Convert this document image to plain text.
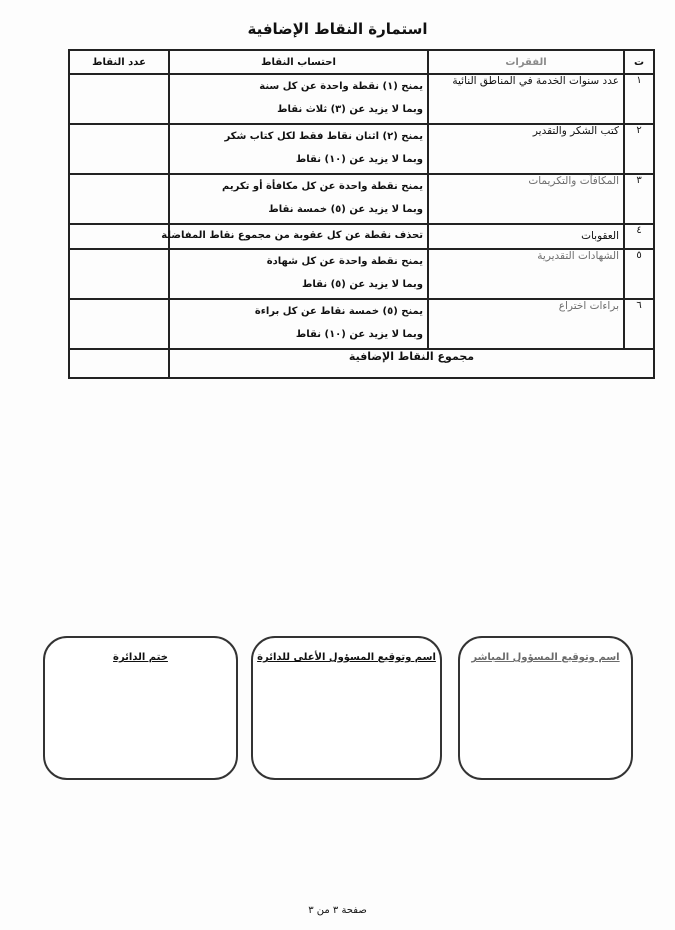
استمارة النقاط الإضافية
ت	الفقرات	احتساب النقاط	عدد النقاط
١	عدد سنوات الخدمة في المناطق النائية	يمنح (١) نقطة واحدة عن كل سنة
وبما لا يزيد عن (٣) ثلاث نقاط	

٢	كتب الشكر والتقدير	يمنح (٢) اثنان نقاط فقط لكل كتاب شكر
وبما لا يزيد عن (١٠) نقاط	

٣	المكافآت والتكريمات	يمنح نقطة واحدة عن كل مكافأة أو تكريم
وبما لا يزيد عن (٥) خمسة نقاط	

٤	العقوبات	تحذف نقطة عن كل عقوبة من مجموع نقاط المفاضلة	

٥	الشهادات التقديرية	يمنح نقطة واحدة عن كل شهادة
وبما لا يزيد عن (٥) نقاط	

٦	براءات اختراع	يمنح (٥) خمسة نقاط عن كل براءة
وبما لا يزيد عن (١٠) نقاط	

مجموع النقاط الإضافية			
اسم وتوقيع المسؤول المباشر
اسم وتوقيع المسؤول الأعلى للدائرة
ختم الدائرة
صفحة ٣ من ٣
